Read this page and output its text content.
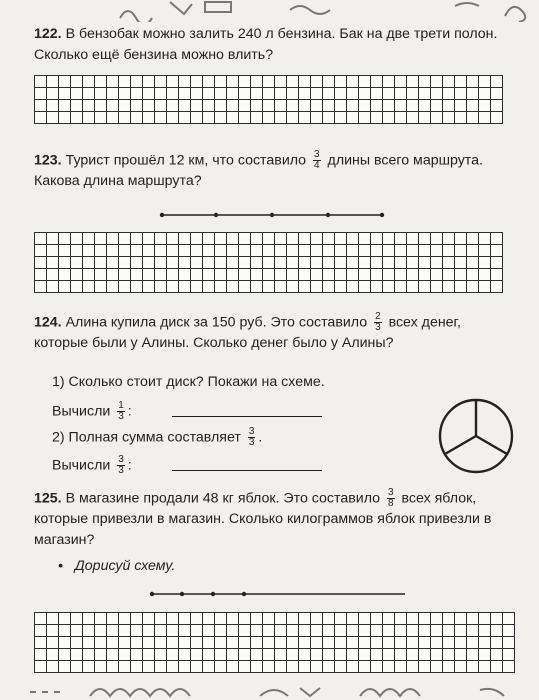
122. В бензобак можно залить 240 л бензина. Бак на две трети полон. Сколько ещё бензина можно влить?
123. Турист прошёл 12 км, что составило $\frac{3}{4}$ длины всего маршрута. Какова длина маршрута?
124. Алина купила диск за 150 руб. Это составило $\frac{2}{3}$ всех денег, которые были у Алины. Сколько денег было у Алины?
1) Сколько стоит диск? Покажи на схеме.
Вычисли $\frac{1}{3}$ :
2) Полная сумма составляет $\frac{3}{3}$ .
Вычисли $\frac{3}{3}$ :
125. В магазине продали 48 кг яблок. Это составило $\frac{3}{8}$ всех яблок, которые привезли в магазин. Сколько килограммов яблок привезли в магазин?
• Дорисуй схему.
